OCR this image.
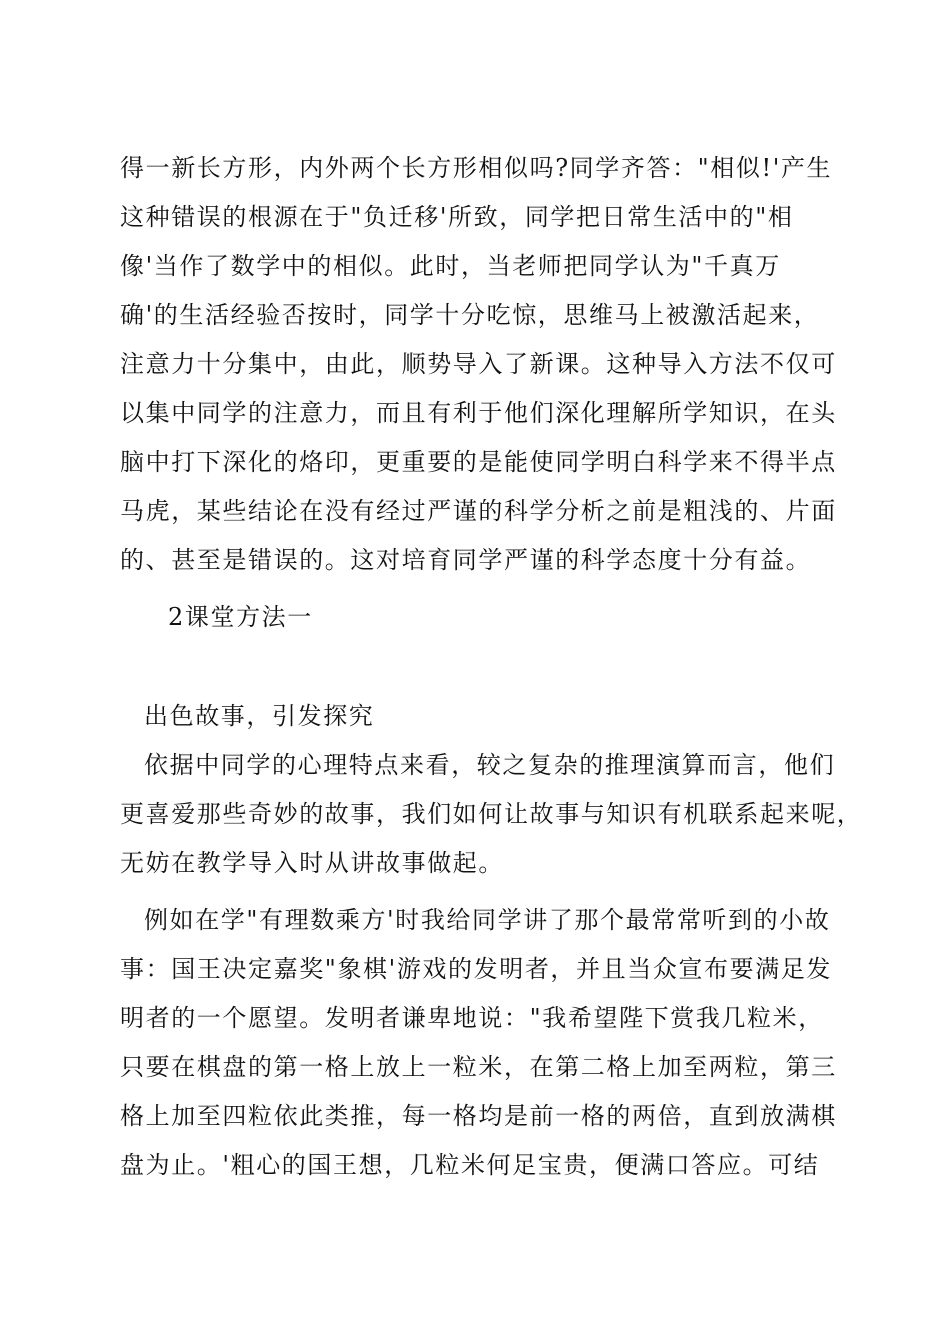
得一新长方形，内外两个长方形相似吗?同学齐答："相似!'产生

这种错误的根源在于"负迁移'所致，同学把日常生活中的"相

像'当作了数学中的相似。此时，当老师把同学认为"千真万

确'的生活经验否按时，同学十分吃惊，思维马上被激活起来，

注意力十分集中，由此，顺势导入了新课。这种导入方法不仅可

以集中同学的注意力，而且有利于他们深化理解所学知识，在头

脑中打下深化的烙印，更重要的是能使同学明白科学来不得半点

马虎，某些结论在没有经过严谨的科学分析之前是粗浅的、片面

的、甚至是错误的。这对培育同学严谨的科学态度十分有益。

2课堂方法一

出色故事，引发探究

依据中同学的心理特点来看，较之复杂的推理演算而言，他们

更喜爱那些奇妙的故事，我们如何让故事与知识有机联系起来呢，

无妨在教学导入时从讲故事做起。

例如在学"有理数乘方'时我给同学讲了那个最常常听到的小故

事：国王决定嘉奖"象棋'游戏的发明者，并且当众宣布要满足发

明者的一个愿望。发明者谦卑地说："我希望陛下赏我几粒米，

只要在棋盘的第一格上放上一粒米，在第二格上加至两粒，第三

格上加至四粒依此类推，每一格均是前一格的两倍，直到放满棋

盘为止。'粗心的国王想，几粒米何足宝贵，便满口答应。可结
